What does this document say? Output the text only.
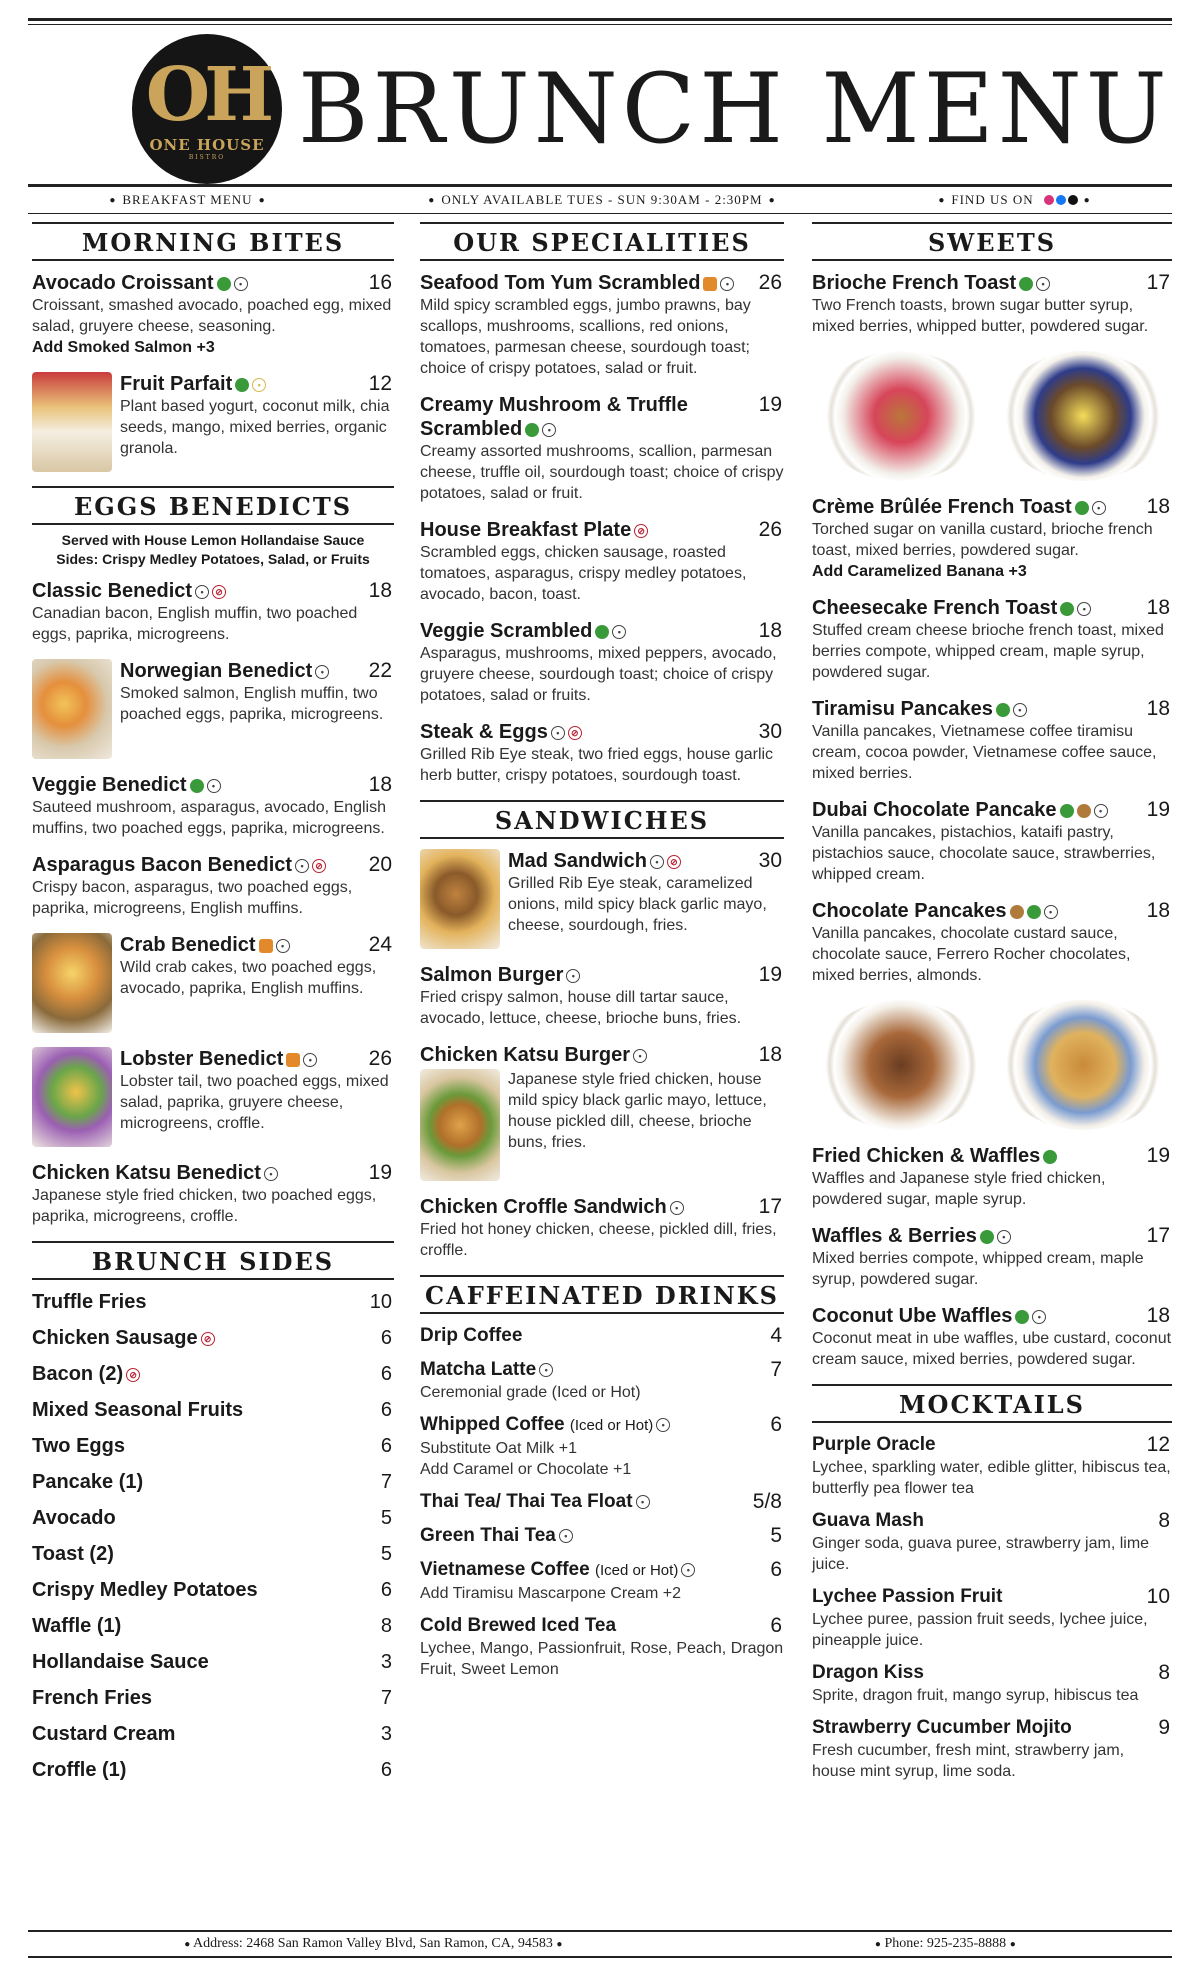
OH
ONE HOUSE
BISTRO BRUNCH MENU
● BREAKFAST MENU ●	● ONLY AVAILABLE TUES - SUN 9:30AM - 2:30PM ●	● FIND US ON	●
MORNING BITES
Avocado Croissant	•	16
Croissant, smashed avocado, poached egg, mixed salad, gruyere cheese, seasoning.
Add Smoked Salmon +3
Fruit Parfait	•	12
Plant based yogurt, coconut milk, chia seeds, mango, mixed berries, organic granola.
EGGS BENEDICTS
Served with House Lemon Hollandaise Sauce
Sides: Crispy Medley Potatoes, Salad, or Fruits
Classic Benedict • ⊘	18
Canadian bacon, English muffin, two poached eggs, paprika, microgreens.
Norwegian Benedict •	22
Smoked salmon, English muffin, two poached eggs, paprika, microgreens.
Veggie Benedict	•	18
Sauteed mushroom, asparagus, avocado, English muffins, two poached eggs, paprika, microgreens.
Asparagus Bacon Benedict • ⊘	20
Crispy bacon, asparagus, two poached eggs, paprika, microgreens, English muffins.
Crab Benedict	•	24
Wild crab cakes, two poached eggs, avocado, paprika, English muffins.
Lobster Benedict	•	26
Lobster tail, two poached eggs, mixed salad, paprika, gruyere cheese, microgreens, croffle.
Chicken Katsu Benedict •	19
Japanese style fried chicken, two poached eggs, paprika, microgreens, croffle.
BRUNCH SIDES
Truffle Fries	10
Chicken Sausage ⊘	6
Bacon (2) ⊘	6
Mixed Seasonal Fruits	6
Two Eggs	6
Pancake (1)	7
Avocado	5
Toast (2)	5
Crispy Medley Potatoes	6
Waffle (1)	8
Hollandaise Sauce	3
French Fries	7
Custard Cream	3
Croffle (1)	6
OUR SPECIALITIES
Seafood Tom Yum Scrambled	•	26
Mild spicy scrambled eggs, jumbo prawns, bay scallops, mushrooms, scallions, red onions, tomatoes, parmesan cheese, sourdough toast; choice of crispy potatoes, salad or fruit.
Creamy Mushroom & Truffle Scrambled	•
19
Creamy assorted mushrooms, scallion, parmesan cheese, truffle oil, sourdough toast; choice of crispy potatoes, salad or fruit.
House Breakfast Plate ⊘	26
Scrambled eggs, chicken sausage, roasted tomatoes, asparagus, crispy medley potatoes, avocado, bacon, toast.
Veggie Scrambled	•	18
Asparagus, mushrooms, mixed peppers, avocado, gruyere cheese, sourdough toast; choice of crispy potatoes, salad or fruits.
Steak & Eggs • ⊘	30
Grilled Rib Eye steak, two fried eggs, house garlic herb butter, crispy potatoes, sourdough toast.
SANDWICHES
Mad Sandwich • ⊘	30
Grilled Rib Eye steak, caramelized onions, mild spicy black garlic mayo, cheese, sourdough, fries.
Salmon Burger •	19
Fried crispy salmon, house dill tartar sauce, avocado, lettuce, cheese, brioche buns, fries.
Chicken Katsu Burger •	18
Japanese style fried chicken, house mild spicy black garlic mayo, lettuce, house pickled dill, cheese, brioche buns, fries.
Chicken Croffle Sandwich •	17
Fried hot honey chicken, cheese, pickled dill, fries, croffle.
CAFFEINATED DRINKS
Drip Coffee	4
Matcha Latte •	7
Ceremonial grade (Iced or Hot)
Whipped Coffee (Iced or Hot) •	6
Substitute Oat Milk +1
Add Caramel or Chocolate +1
Thai Tea/ Thai Tea Float •	5/8
Green Thai Tea •	5
Vietnamese Coffee (Iced or Hot) •	6
Add Tiramisu Mascarpone Cream +2
Cold Brewed Iced Tea	6
Lychee, Mango, Passionfruit, Rose, Peach, Dragon Fruit, Sweet Lemon
SWEETS
Brioche French Toast	•	17
Two French toasts, brown sugar butter syrup, mixed berries, whipped butter, powdered sugar.
Crème Brûlée French Toast	•	18
Torched sugar on vanilla custard, brioche french toast, mixed berries, powdered sugar.
Add Caramelized Banana +3
Cheesecake French Toast	•	18
Stuffed cream cheese brioche french toast, mixed berries compote, whipped cream, maple syrup, powdered sugar.
Tiramisu Pancakes	•	18
Vanilla pancakes, Vietnamese coffee tiramisu cream, cocoa powder, Vietnamese coffee sauce, mixed berries.
Dubai Chocolate Pancake	•	19
Vanilla pancakes, pistachios, kataifi pastry, pistachios sauce, chocolate sauce, strawberries, whipped cream.
Chocolate Pancakes	•	18
Vanilla pancakes, chocolate custard sauce, chocolate sauce, Ferrero Rocher chocolates, mixed berries, almonds.
Fried Chicken & Waffles	19
Waffles and Japanese style fried chicken, powdered sugar, maple syrup.
Waffles & Berries	•	17
Mixed berries compote, whipped cream, maple syrup, powdered sugar.
Coconut Ube Waffles	•	18
Coconut meat in ube waffles, ube custard, coconut cream sauce, mixed berries, powdered sugar.
MOCKTAILS
Purple Oracle	12
Lychee, sparkling water, edible glitter, hibiscus tea, butterfly pea flower tea
Guava Mash	8
Ginger soda, guava puree, strawberry jam, lime juice.
Lychee Passion Fruit	10
Lychee puree, passion fruit seeds, lychee juice, pineapple juice.
Dragon Kiss	8
Sprite, dragon fruit, mango syrup, hibiscus tea
Strawberry Cucumber Mojito	9
Fresh cucumber, fresh mint, strawberry jam, house mint syrup, lime soda.
● Address: 2468 San Ramon Valley Blvd, San Ramon, CA, 94583 ●	● Phone: 925-235-8888 ●
